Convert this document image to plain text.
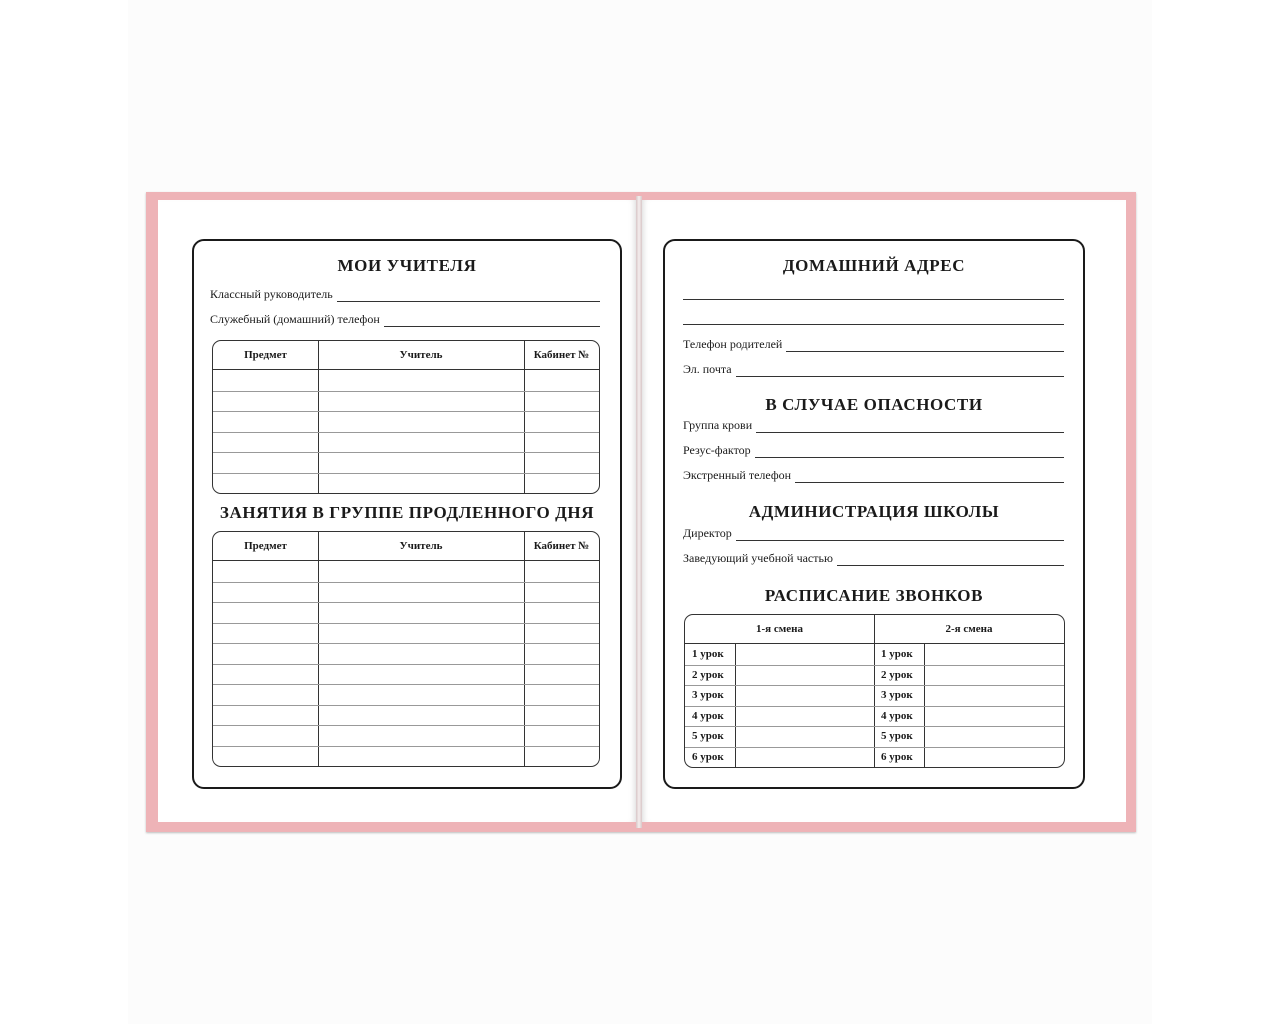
МОИ УЧИТЕЛЯ
Классный руководитель
Служебный (домашний) телефон
Предмет	Учитель	Кабинет №
ЗАНЯТИЯ В ГРУППЕ ПРОДЛЕННОГО ДНЯ
Предмет	Учитель	Кабинет №
ДОМАШНИЙ АДРЕС
Телефон родителей
Эл. почта
В СЛУЧАЕ ОПАСНОСТИ
Группа крови
Резус-фактор
Экстренный телефон
АДМИНИСТРАЦИЯ ШКОЛЫ
Директор
Заведующий учебной частью
РАСПИСАНИЕ ЗВОНКОВ
1-я смена	2-я смена
1 урок	1 урок
2 урок	2 урок
3 урок	3 урок
4 урок	4 урок
5 урок	5 урок
6 урок	6 урок
